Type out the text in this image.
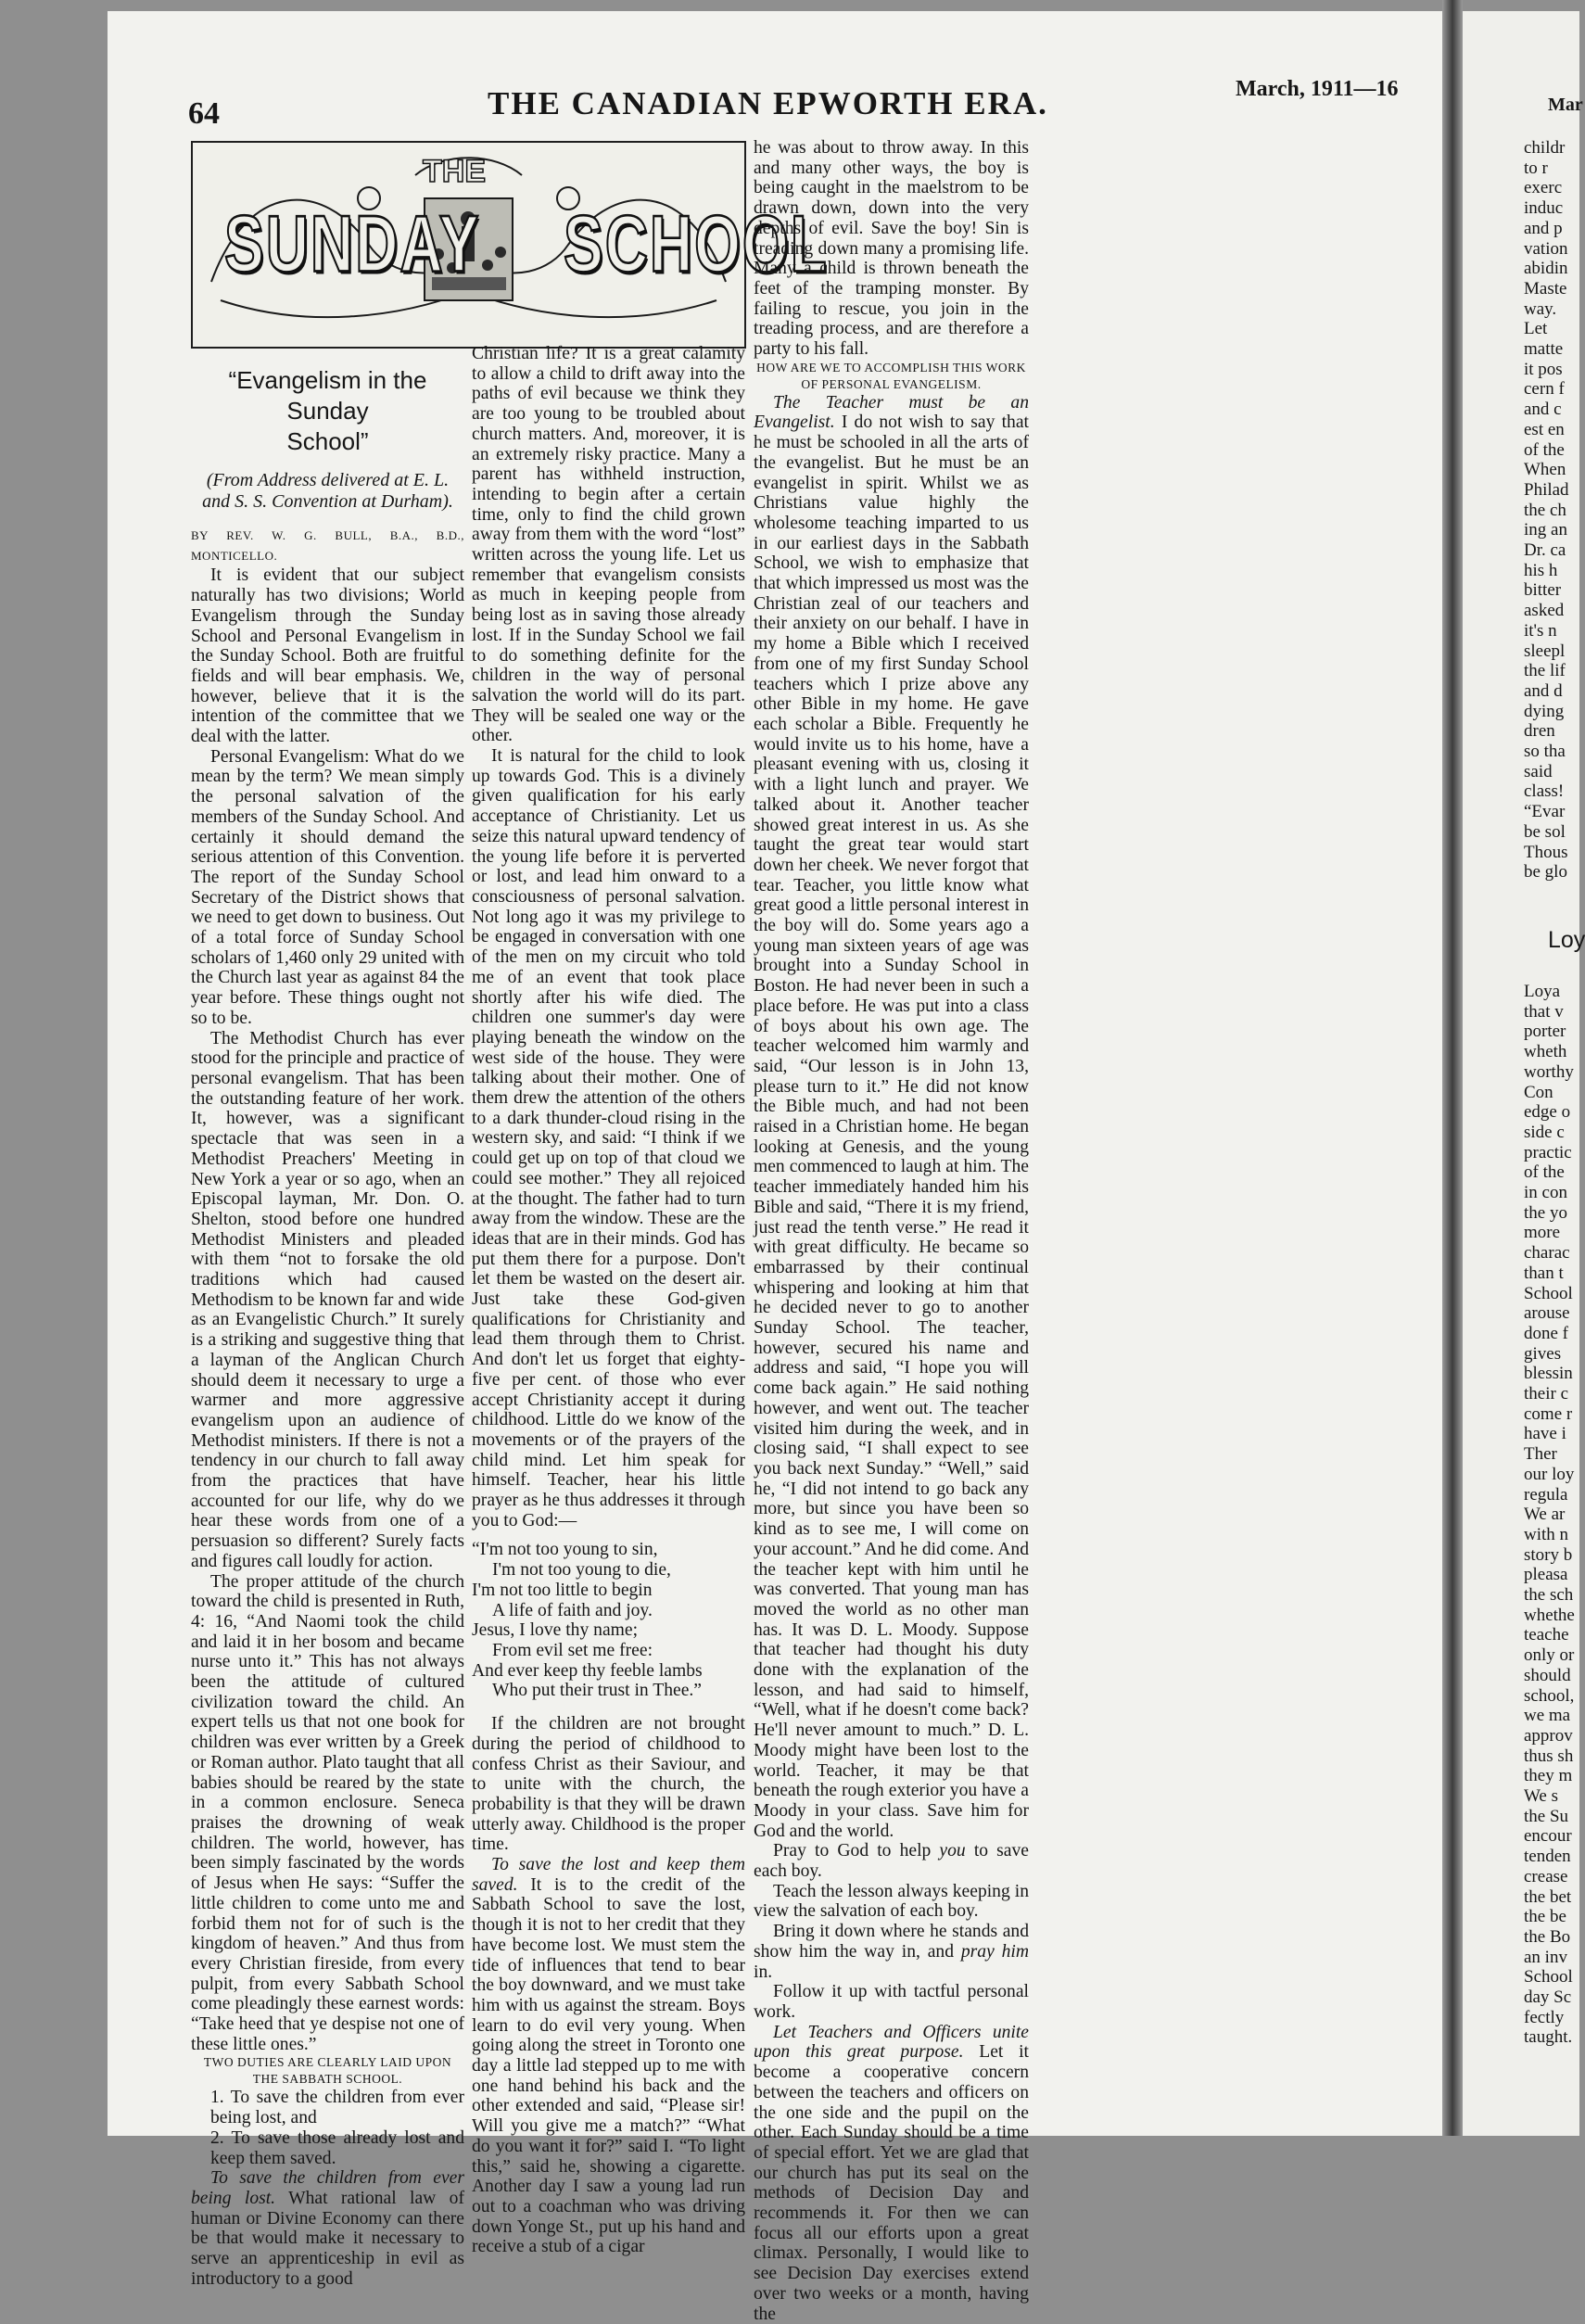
64	THE CANADIAN EPWORTH ERA.	March, 1911—16
THE
SUNDAY SCHOOL
“Evangelism in the Sunday
School”
(From Address delivered at E. L. and S. S. Convention at Durham).

BY REV. W. G. BULL, B.A., B.D., MONTICELLO.

It is evident that our subject naturally has two divisions; World Evangelism through the Sunday School and Personal Evangelism in the Sunday School. Both are fruitful fields and will bear emphasis. We, however, believe that it is the intention of the committee that we deal with the latter.

Personal Evangelism: What do we mean by the term? We mean simply the personal salvation of the members of the Sunday School. And certainly it should demand the serious attention of this Convention. The report of the Sunday School Secretary of the District shows that we need to get down to business. Out of a total force of Sunday School scholars of 1,460 only 29 united with the Church last year as against 84 the year before. These things ought not so to be.

The Methodist Church has ever stood for the principle and practice of personal evangelism. That has been the outstanding feature of her work. It, however, was a significant spectacle that was seen in a Methodist Preachers' Meeting in New York a year or so ago, when an Episcopal layman, Mr. Don. O. Shelton, stood before one hundred Methodist Ministers and pleaded with them “not to forsake the old traditions which had caused Methodism to be known far and wide as an Evangelistic Church.” It surely is a striking and suggestive thing that a layman of the Anglican Church should deem it necessary to urge a warmer and more aggressive evangelism upon an audience of Methodist ministers. If there is not a tendency in our church to fall away from the practices that have accounted for our life, why do we hear these words from one of a persuasion so different? Surely facts and figures call loudly for action.

The proper attitude of the church toward the child is presented in Ruth, 4: 16, “And Naomi took the child and laid it in her bosom and became nurse unto it.” This has not always been the attitude of cultured civilization toward the child. An expert tells us that not one book for children was ever written by a Greek or Roman author. Plato taught that all babies should be reared by the state in a common enclosure. Seneca praises the drowning of weak children. The world, however, has been simply fascinated by the words of Jesus when He says: “Suffer the little children to come unto me and forbid them not for of such is the kingdom of heaven.” And thus from every Christian fireside, from every pulpit, from every Sabbath School come pleadingly these earnest words: “Take heed that ye despise not one of these little ones.”

TWO DUTIES ARE CLEARLY LAID UPON THE SABBATH SCHOOL.

1. To save the children from ever being lost, and

2. To save those already lost and keep them saved.

To save the children from ever being lost. What rational law of human or Divine Economy can there be that would make it necessary to serve an apprenticeship in evil as introductory to a good

Christian life? It is a great calamity to allow a child to drift away into the paths of evil because we think they are too young to be troubled about church matters. And, moreover, it is an extremely risky practice. Many a parent has withheld instruction, intending to begin after a certain time, only to find the child grown away from them with the word “lost” written across the young life. Let us remember that evangelism consists as much in keeping people from being lost as in saving those already lost. If in the Sunday School we fail to do something definite for the children in the way of personal salvation the world will do its part. They will be sealed one way or the other.

It is natural for the child to look up towards God. This is a divinely given qualification for his early acceptance of Christianity. Let us seize this natural upward tendency of the young life before it is perverted or lost, and lead him onward to a consciousness of personal salvation. Not long ago it was my privilege to be engaged in conversation with one of the men on my circuit who told me of an event that took place shortly after his wife died. The children one summer's day were playing beneath the window on the west side of the house. They were talking about their mother. One of them drew the attention of the others to a dark thunder-cloud rising in the western sky, and said: “I think if we could get up on top of that cloud we could see mother.” They all rejoiced at the thought. The father had to turn away from the window. These are the ideas that are in their minds. God has put them there for a purpose. Don't let them be wasted on the desert air. Just take these God-given qualifications for Christianity and lead them through them to Christ. And don't let us forget that eighty-five per cent. of those who ever accept Christianity accept it during childhood. Little do we know of the movements or of the prayers of the child mind. Let him speak for himself. Teacher, hear his little prayer as he thus addresses it through you to God:—

“I'm not too young to sin,
I'm not too young to die,
I'm not too little to begin
A life of faith and joy.
Jesus, I love thy name;
From evil set me free:
And ever keep thy feeble lambs
Who put their trust in Thee.”

If the children are not brought during the period of childhood to confess Christ as their Saviour, and to unite with the church, the probability is that they will be drawn utterly away. Childhood is the proper time.

To save the lost and keep them saved. It is to the credit of the Sabbath School to save the lost, though it is not to her credit that they have become lost. We must stem the tide of influences that tend to bear the boy downward, and we must take him with us against the stream. Boys learn to do evil very young. When going along the street in Toronto one day a little lad stepped up to me with one hand behind his back and the other extended and said, “Please sir! Will you give me a match?” “What do you want it for?” said I. “To light this,” said he, showing a cigarette. Another day I saw a young lad run out to a coachman who was driving down Yonge St., put up his hand and receive a stub of a cigar

he was about to throw away. In this and many other ways, the boy is being caught in the maelstrom to be drawn down, down into the very depths of evil. Save the boy! Sin is treading down many a promising life. Many a child is thrown beneath the feet of the tramping monster. By failing to rescue, you join in the treading process, and are therefore a party to his fall.

HOW ARE WE TO ACCOMPLISH THIS WORK OF PERSONAL EVANGELISM.

The Teacher must be an Evangelist. I do not wish to say that he must be schooled in all the arts of the evangelist. But he must be an evangelist in spirit. Whilst we as Christians value highly the wholesome teaching imparted to us in our earliest days in the Sabbath School, we wish to emphasize that that which impressed us most was the Christian zeal of our teachers and their anxiety on our behalf. I have in my home a Bible which I received from one of my first Sunday School teachers which I prize above any other Bible in my home. He gave each scholar a Bible. Frequently he would invite us to his home, have a pleasant evening with us, closing it with a light lunch and prayer. We talked about it. Another teacher showed great interest in us. As she taught the great tear would start down her cheek. We never forgot that tear. Teacher, you little know what great good a little personal interest in the boy will do. Some years ago a young man sixteen years of age was brought into a Sunday School in Boston. He had never been in such a place before. He was put into a class of boys about his own age. The teacher welcomed him warmly and said, “Our lesson is in John 13, please turn to it.” He did not know the Bible much, and had not been raised in a Christian home. He began looking at Genesis, and the young men commenced to laugh at him. The teacher immediately handed him his Bible and said, “There it is my friend, just read the tenth verse.” He read it with great difficulty. He became so embarrassed by their continual whispering and looking at him that he decided never to go to another Sunday School. The teacher, however, secured his name and address and said, “I hope you will come back again.” He said nothing however, and went out. The teacher visited him during the week, and in closing said, “I shall expect to see you back next Sunday.” “Well,” said he, “I did not intend to go back any more, but since you have been so kind as to see me, I will come on your account.” And he did come. And the teacher kept with him until he was converted. That young man has moved the world as no other man has. It was D. L. Moody. Suppose that teacher had thought his duty done with the explanation of the lesson, and had said to himself, “Well, what if he doesn't come back? He'll never amount to much.” D. L. Moody might have been lost to the world. Teacher, it may be that beneath the rough exterior you have a Moody in your class. Save him for God and the world.

Pray to God to help you to save each boy.

Teach the lesson always keeping in view the salvation of each boy.

Bring it down where he stands and show him the way in, and pray him in.

Follow it up with tactful personal work.

Let Teachers and Officers unite upon this great purpose. Let it become a cooperative concern between the teachers and officers on the one side and the pupil on the other. Each Sunday should be a time of special effort. Yet we are glad that our church has put its seal on the methods of Decision Day and recommends it. For then we can focus all our efforts upon a great climax. Personally, I would like to see Decision Day exercises extend over two weeks or a month, having the

Mar
childr
to r
exerc
induc
and p
vation
abidin
Maste
way.
Let
matte
it pos
cern f
and c
est en
of the
When
Philad
the ch
ing an
Dr. ca
his h
bitter
asked
it's n
sleepl
the lif
and d
dying
dren
so tha
said
class!
“Evar
be sol
Thous
be glo
Loy
Loya
that v
porter
wheth
worthy
Con
edge o
side c
practic
of the
in con
the yo
more
charac
than t
School
arouse
done f
gives
blessin
their c
come r
have i
Ther
our loy
regula
We ar
with n
story b
pleasa
the sch
whethe
teache
only or
should
school,
we ma
approv
thus sh
they m
We s
the Su
encour
tenden
crease
the bet
the be
the Bo
an inv
School
day Sc
fectly
taught.
